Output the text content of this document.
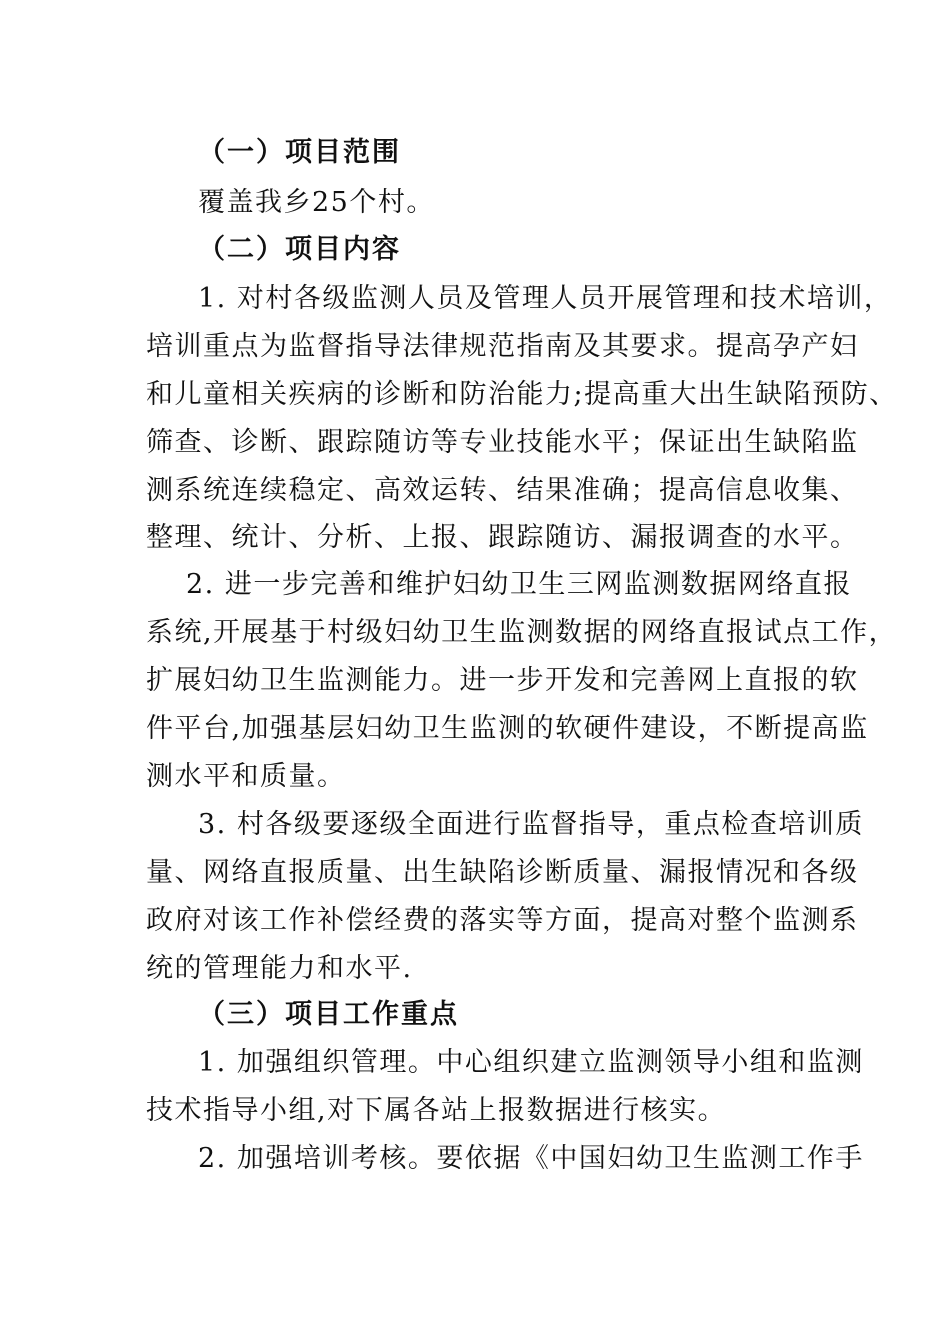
（一）项目范围
覆盖我乡25个村。
（二）项目内容
1. 对村各级监测人员及管理人员开展管理和技术培训，
培训重点为监督指导法律规范指南及其要求。提高孕产妇
和儿童相关疾病的诊断和防治能力;提高重大出生缺陷预防、
筛查、诊断、跟踪随访等专业技能水平；保证出生缺陷监
测系统连续稳定、高效运转、结果准确；提高信息收集、
整理、统计、分析、上报、跟踪随访、漏报调查的水平。
2. 进一步完善和维护妇幼卫生三网监测数据网络直报
系统,开展基于村级妇幼卫生监测数据的网络直报试点工作，
扩展妇幼卫生监测能力。进一步开发和完善网上直报的软
件平台,加强基层妇幼卫生监测的软硬件建设，不断提高监
测水平和质量。
3. 村各级要逐级全面进行监督指导，重点检查培训质
量、网络直报质量、出生缺陷诊断质量、漏报情况和各级
政府对该工作补偿经费的落实等方面，提高对整个监测系
统的管理能力和水平.
（三）项目工作重点
1. 加强组织管理。中心组织建立监测领导小组和监测
技术指导小组,对下属各站上报数据进行核实。
2. 加强培训考核。要依据《中国妇幼卫生监测工作手
